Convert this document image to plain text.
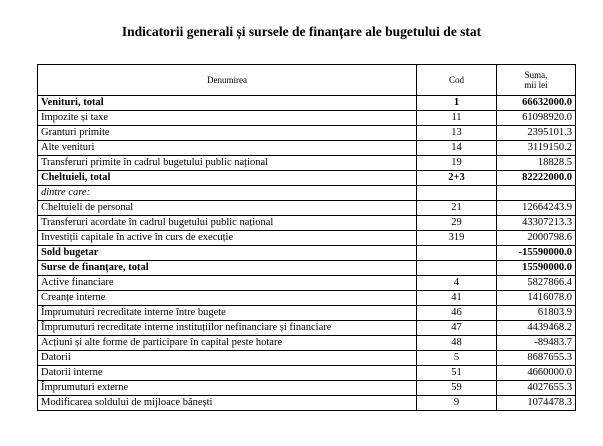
Indicatorii generali și sursele de finanțare ale bugetului de stat
Denumirea	Cod	Suma,
mii lei
Venituri, total	1	66632000.0
Impozite și taxe	11	61098920.0
Granturi primite	13	2395101.3
Alte venituri	14	3119150.2
Transferuri primite în cadrul bugetului public național	19	18828.5
Cheltuieli, total	2+3	82222000.0
dintre care:		
Cheltuieli de personal	21	12664243.9
Transferuri acordate în cadrul bugetului public național	29	43307213.3
Investiții capitale în active în curs de execuție	319	2000798.6
Sold bugetar		-15590000.0
Surse de finanțare, total		15590000.0
Active financiare	4	5827866.4
Creanțe interne	41	1416078.0
Împrumuturi recreditate interne între bugete	46	61803.9
Împrumuturi recreditate interne instituțiilor nefinanciare și financiare	47	4439468.2
Acțiuni și alte forme de participare în capital peste hotare	48	-89483.7
Datorii	5	8687655.3
Datorii interne	51	4660000.0
Împrumuturi externe	59	4027655.3
Modificarea soldului de mijloace bănești	9	1074478.3
